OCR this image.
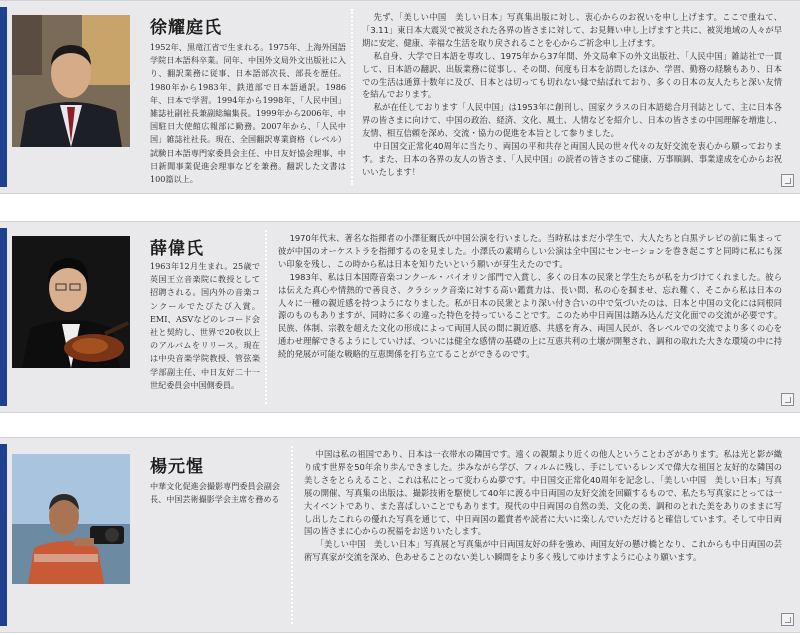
徐耀庭氏
1952年、黒竜江省で生まれる。1975年、上海外国語学院日本語科卒業。同年、中国外文局外文出版社に入り、翻訳業務に従事、日本語部次長、部長を歴任。1980年から1983年、鉄道部で日本語通訳。1986年、日本で学習。1994年から1998年、「人民中国」雑誌社副社長兼副総編集長。1999年から2006年、中国駐日大使館広報部に勤務。2007年から、「人民中国」雑誌社社長。現在、全国翻訳専業資格（レベル）試験日本語専門家委員会主任、中日友好協会理事、中日新聞事業促進会理事などを兼務。翻訳した文書は100篇以上。

先ず、「美しい中国　美しい日本」写真集出版に対し、衷心からのお祝いを申し上げます。ここで重ねて、「3.11」東日本大震災で被災された各界の皆さまに対して、お見舞い申し上げますと共に、被災地域の人々が早期に安定、健康、幸福な生活を取り戻されることを心からご祈念申し上げます。

私自身、大学で日本語を専攻し、1975年から37年間、外文局傘下の外文出版社、「人民中国」雑誌社で一貫して、日本語の翻訳、出版業務に従事し、その間、何度も日本を訪問したほか、学習、勤務の経験もあり、日本での生活は通算十数年に及び、日本とは切っても切れない縁で結ばれており、多くの日本の友人たちと深い友情を結んでおります。

私が在任しております「人民中国」は1953年に創刊し、国家クラスの日本語総合月刊誌として、主に日本各界の皆さまに向けて、中国の政治、経済、文化、風土、人情などを紹介し、日本の皆さまの中国理解を増進し、友情、相互信頼を深め、交流・協力の促進を本旨として参りました。

中日国交正常化40周年に当たり、両国の平和共存と両国人民の世々代々の友好交流を衷心から願っております。また、日本の各界の友人の皆さま、「人民中国」の読者の皆さまのご健康、万事順調、事業達成を心からお祝いいたします！

薛偉氏
1963年12月生まれ。25歳で英国王立音楽院に教授として招聘される。国内外の音楽コンクールでたびたび入賞。EMI、ASVなどのレコード会社と契約し、世界で20枚以上のアルバムをリリース。現在は中央音楽学院教授、管弦楽学部副主任、中日友好二十一世紀委員会中国側委員。

1970年代末、著名な指揮者の小澤征爾氏が中国公演を行いました。当時私はまだ小学生で、大人たちと白黒テレビの前に集まって彼が中国のオーケストラを指揮するのを見ました。小澤氏の素晴らしい公演は全中国にセンセーションを巻き起こすと同時に私にも深い印象を残し、この時から私は日本を知りたいという願いが芽生えたのです。

1983年、私は日本国際音楽コンクール・バイオリン部門で入賞し、多くの日本の民衆と学生たちが私を力づけてくれました。彼らは伝えた真心や情熱的で善良さ、クラシック音楽に対する高い鑑賞力は、長い間、私の心を掴ませ、忘れ難く、そこから私は日本の人々に一種の親近感を持つようになりました。私が日本の民衆とより深い付き合いの中で気づいたのは、日本と中国の文化には同根同源のものもありますが、同時に多くの違った特色を持っていることです。このため中日両国は踏み込んだ文化面での交流が必要です。民族、体制、宗教を超えた文化の形成によって両国人民の間に親近感、共感を育み、両国人民が、各レベルでの交流でより多くの心を通わせ理解できるようにしていけば、ついには健全な感情の基礎の上に互恵共利の土壌が開墾され、調和の取れた大きな環境の中に持続的発展が可能な戦略的互恵関係を打ち立てることができるのです。

楊元惺
中華文化促進会撮影専門委員会副会長、中国芸術撮影学会主席を務める

中国は私の祖国であり、日本は一衣帯水の隣国です。遠くの親類より近くの他人ということわざがあります。私は光と影が織り成す世界を50年余り歩んできました。歩みながら学び、フィルムに残し、手にしているレンズで偉大な祖国と友好的な隣国の美しさをとらえること、これは私にとって変わらぬ夢です。中日国交正常化40周年を記念し、「美しい中国　美しい日本」写真展の開催、写真集の出版は、撮影技術を駆使して40年に渡る中日両国の友好交流を回顧するもので、私たち写真家にとっては一大イベントであり、また喜ばしいことでもあります。現代の中日両国の自然の美、文化の美、調和のとれた美をありのままに写し出したこれらの優れた写真を通じて、中日両国の鑑賞者や読者に大いに楽しんでいただけると確信しています。そして中日両国の皆さまに心からの祝福をお送りいたします。

「美しい中国　美しい日本」写真展と写真集が中日両国友好の絆を強め、両国友好の懸け橋となり、これからも中日両国の芸術写真家が交流を深め、色あせることのない美しい瞬間をより多く残してゆけますように心より願います。
